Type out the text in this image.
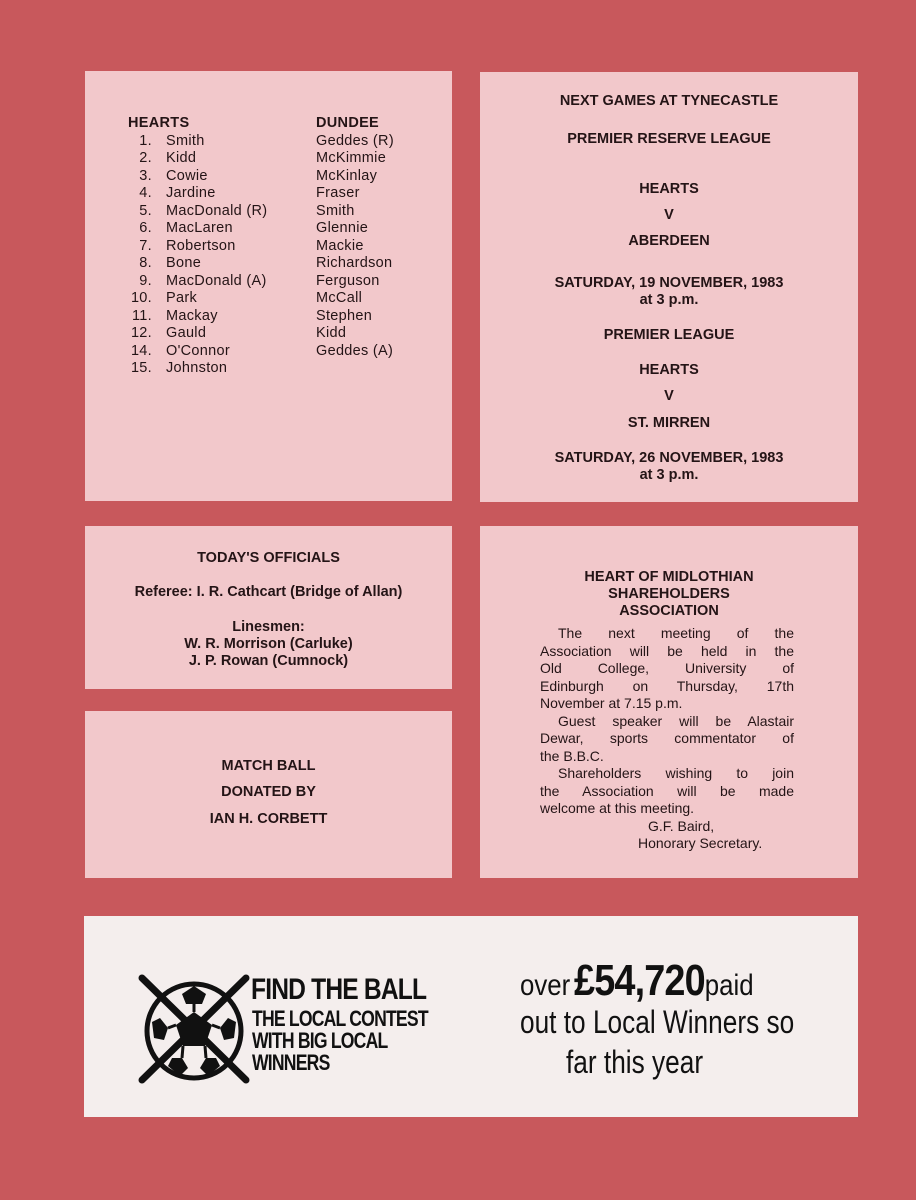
HEARTS
1. Smith
2. Kidd
3. Cowie
4. Jardine
5. MacDonald (R)
6. MacLaren
7. Robertson
8. Bone
9. MacDonald (A)
10. Park
11. Mackay
12. Gauld
14. O'Connor
15. Johnston
DUNDEE
Geddes (R)
McKimmie
McKinlay
Fraser
Smith
Glennie
Mackie
Richardson
Ferguson
McCall
Stephen
Kidd
Geddes (A)
NEXT GAMES AT TYNECASTLE
PREMIER RESERVE LEAGUE
HEARTS
V
ABERDEEN
SATURDAY, 19 NOVEMBER, 1983
at 3 p.m.
PREMIER LEAGUE
HEARTS
V
ST. MIRREN
SATURDAY, 26 NOVEMBER, 1983
at 3 p.m.
TODAY'S OFFICIALS
Referee: I. R. Cathcart (Bridge of Allan)
Linesmen:
W. R. Morrison (Carluke)
J. P. Rowan (Cumnock)
MATCH BALL
DONATED BY
IAN H. CORBETT
HEART OF MIDLOTHIAN
SHAREHOLDERS
ASSOCIATION
The next meeting of the
Association will be held in the
Old College, University of
Edinburgh on Thursday, 17th
November at 7.15 p.m.
Guest speaker will be Alastair
Dewar, sports commentator of
the B.B.C.
Shareholders wishing to join
the Association will be made
welcome at this meeting.
G.F. Baird,
Honorary Secretary.
FIND THE BALL
THE LOCAL CONTEST
WITH BIG LOCAL
WINNERS
over £54,720paid
out to Local Winners so
far this year
